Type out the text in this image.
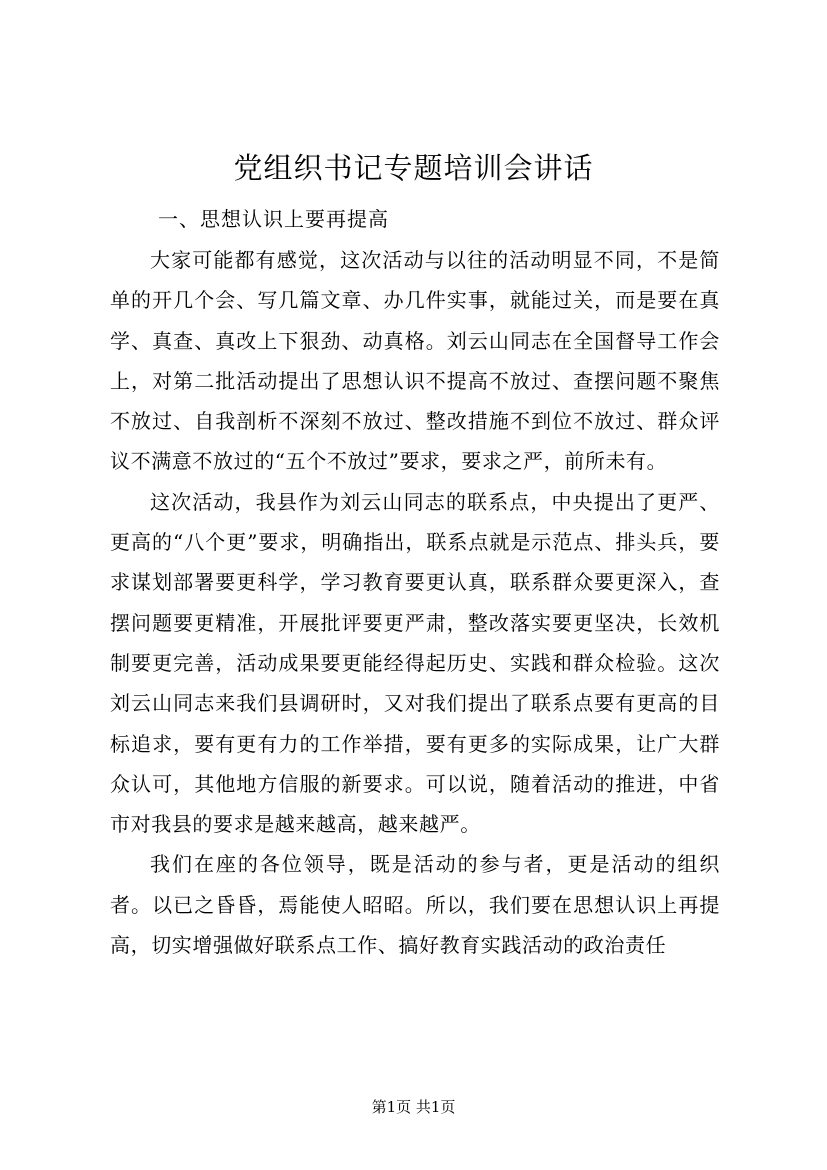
党组织书记专题培训会讲话
一、思想认识上要再提高

大家可能都有感觉，这次活动与以往的活动明显不同，不是简单的开几个会、写几篇文章、办几件实事，就能过关，而是要在真学、真查、真改上下狠劲、动真格。刘云山同志在全国督导工作会上，对第二批活动提出了思想认识不提高不放过、查摆问题不聚焦不放过、自我剖析不深刻不放过、整改措施不到位不放过、群众评议不满意不放过的“五个不放过”要求，要求之严，前所未有。

这次活动，我县作为刘云山同志的联系点，中央提出了更严、更高的“八个更”要求，明确指出，联系点就是示范点、排头兵，要求谋划部署要更科学，学习教育要更认真，联系群众要更深入，查摆问题要更精准，开展批评要更严肃，整改落实要更坚决，长效机制要更完善，活动成果要更能经得起历史、实践和群众检验。这次刘云山同志来我们县调研时，又对我们提出了联系点要有更高的目标追求，要有更有力的工作举措，要有更多的实际成果，让广大群众认可，其他地方信服的新要求。可以说，随着活动的推进，中省市对我县的要求是越来越高，越来越严。

我们在座的各位领导，既是活动的参与者，更是活动的组织者。以已之昏昏，焉能使人昭昭。所以，我们要在思想认识上再提高，切实增强做好联系点工作、搞好教育实践活动的政治责任

第1页 共1页
